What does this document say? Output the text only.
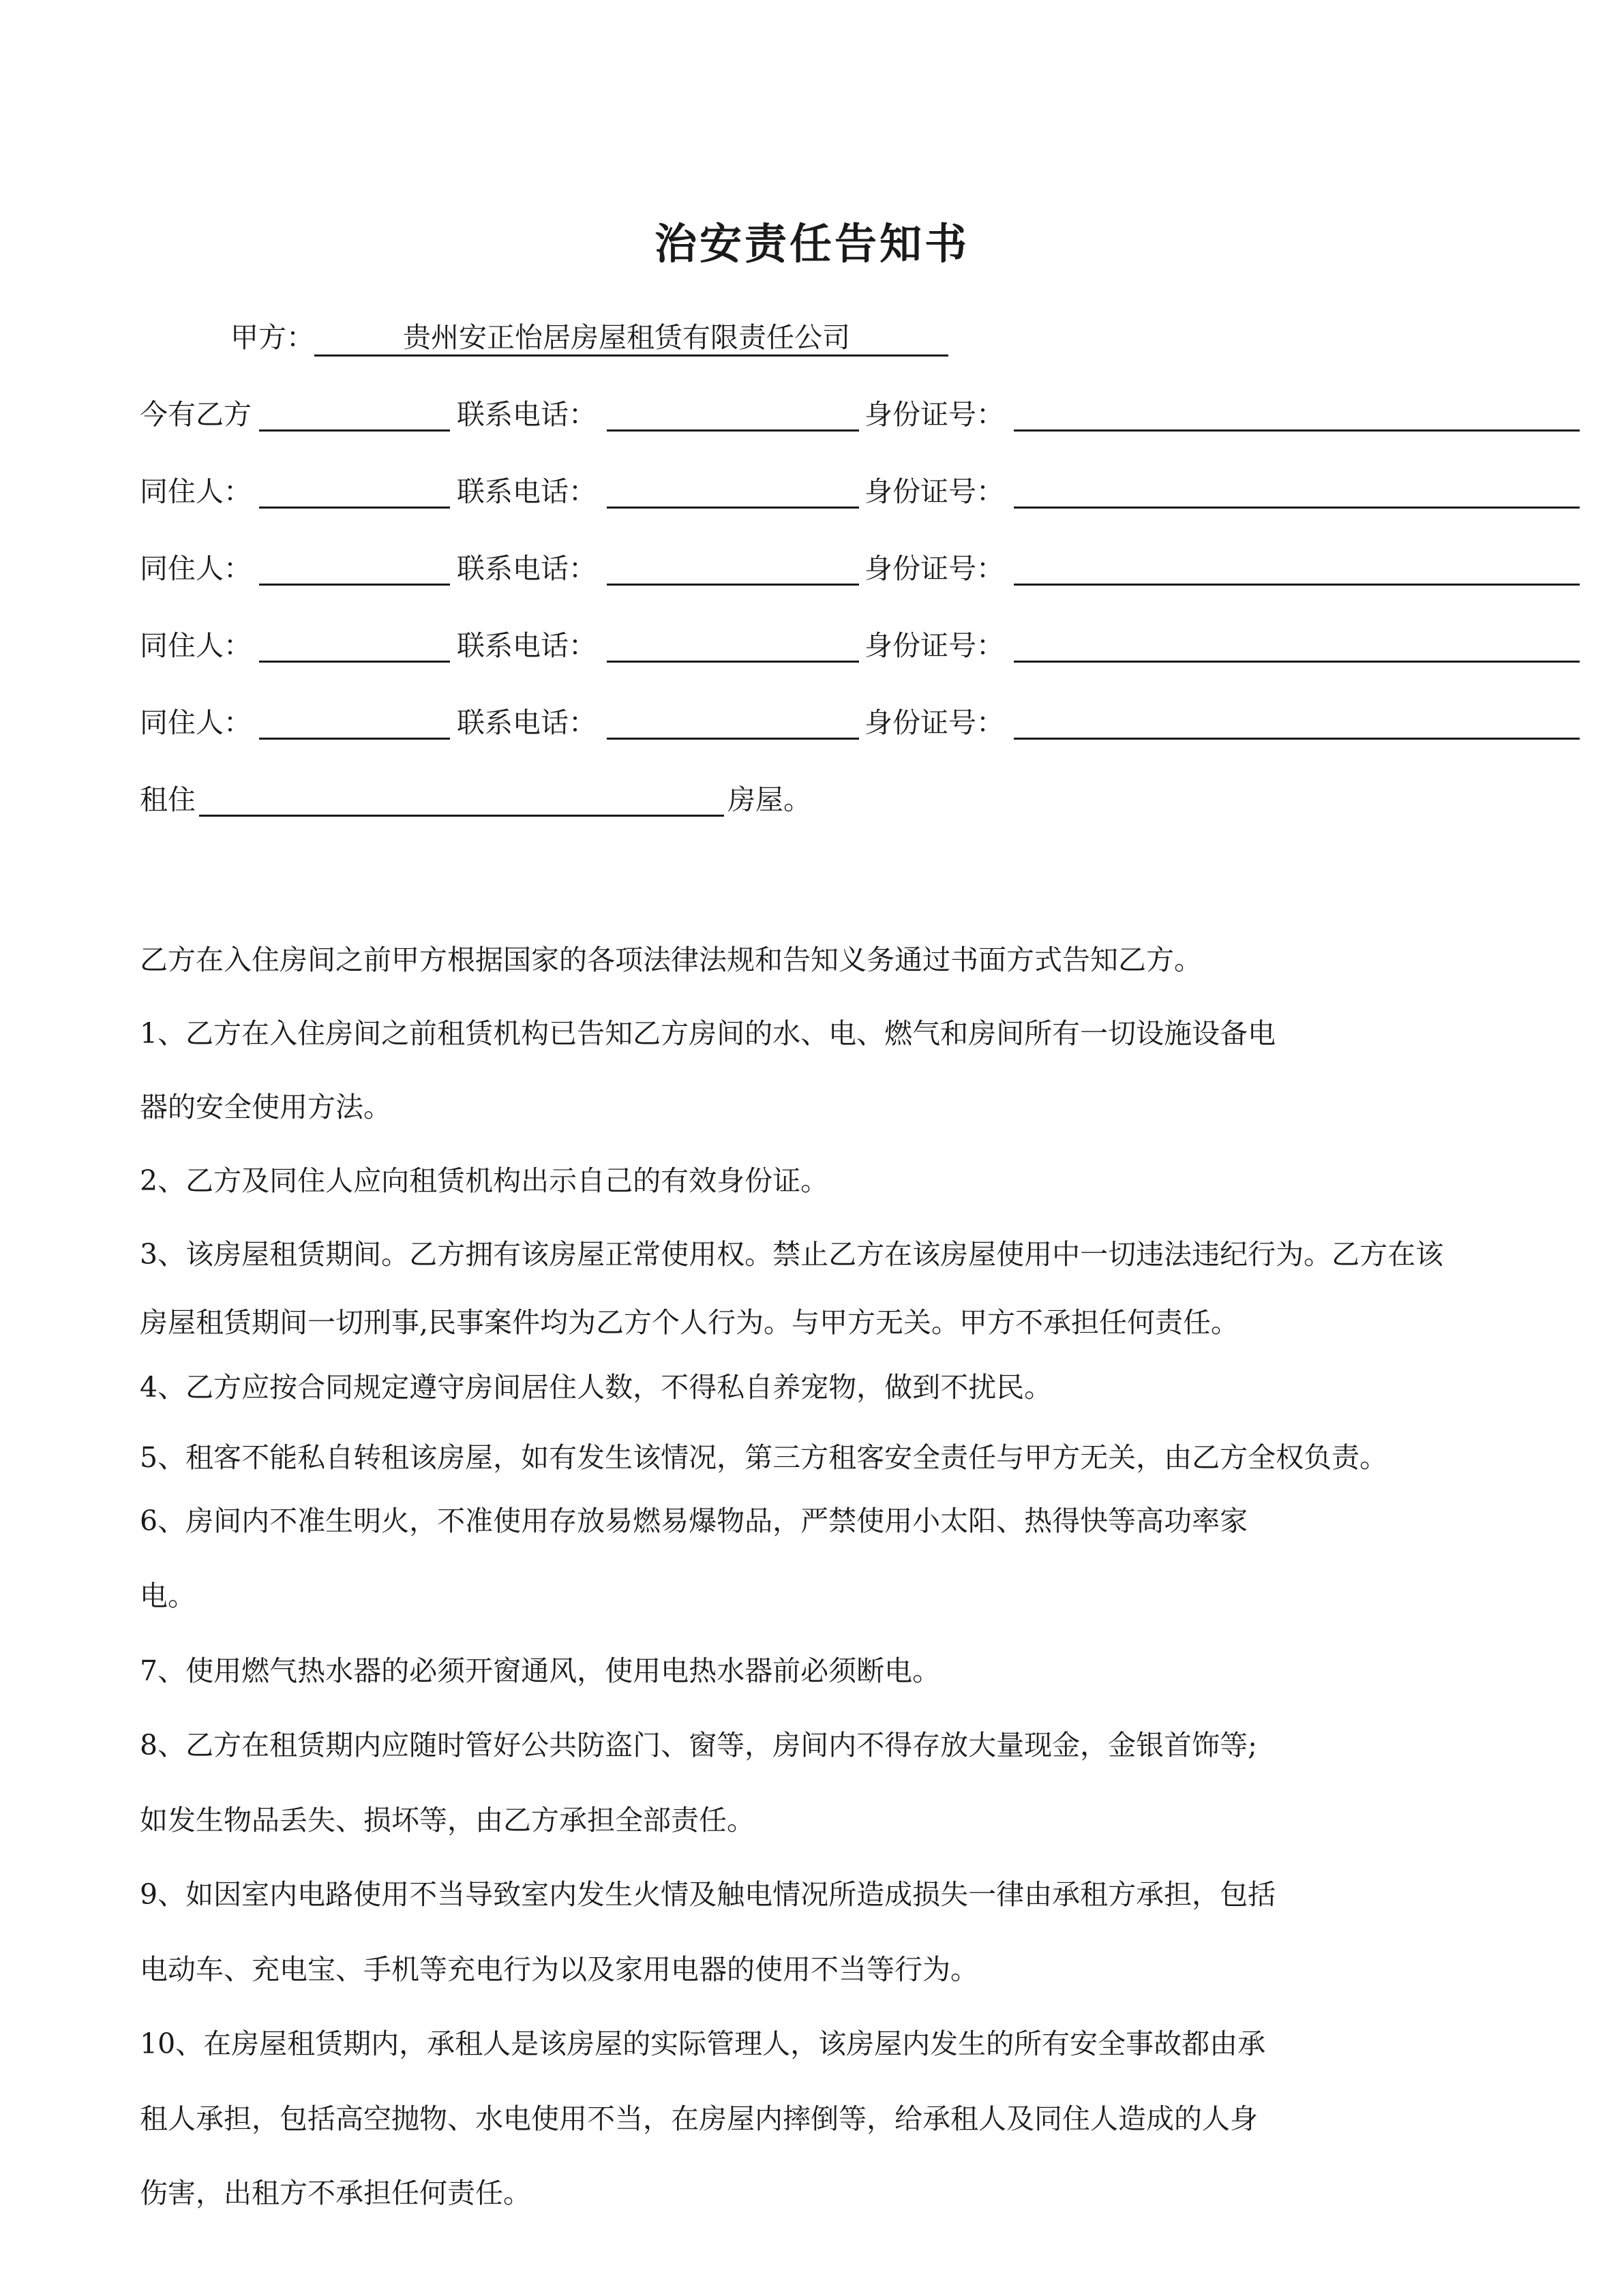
治安责任告知书
甲方：	贵州安正怡居房屋租赁有限责任公司
今有乙方	联系电话：	身份证号：
同住人：	联系电话：	身份证号：
同住人：	联系电话：	身份证号：
同住人：	联系电话：	身份证号：
同住人：	联系电话：	身份证号：
租住	房屋。
乙方在入住房间之前甲方根据国家的各项法律法规和告知义务通过书面方式告知乙方。
1、乙方在入住房间之前租赁机构已告知乙方房间的水、电、燃气和房间所有一切设施设备电
器的安全使用方法。
2、乙方及同住人应向租赁机构出示自己的有效身份证。
3、该房屋租赁期间。乙方拥有该房屋正常使用权。禁止乙方在该房屋使用中一切违法违纪行为。乙方在该
房屋租赁期间一切刑事,民事案件均为乙方个人行为。与甲方无关。甲方不承担任何责任。
4、乙方应按合同规定遵守房间居住人数，不得私自养宠物，做到不扰民。
5、租客不能私自转租该房屋，如有发生该情况，第三方租客安全责任与甲方无关，由乙方全权负责。
6、房间内不准生明火，不准使用存放易燃易爆物品，严禁使用小太阳、热得快等高功率家
电。
7、使用燃气热水器的必须开窗通风，使用电热水器前必须断电。
8、乙方在租赁期内应随时管好公共防盗门、窗等，房间内不得存放大量现金，金银首饰等;
如发生物品丢失、损坏等，由乙方承担全部责任。
9、如因室内电路使用不当导致室内发生火情及触电情况所造成损失一律由承租方承担，包括
电动车、充电宝、手机等充电行为以及家用电器的使用不当等行为。
10、在房屋租赁期内，承租人是该房屋的实际管理人，该房屋内发生的所有安全事故都由承
租人承担，包括高空抛物、水电使用不当，在房屋内摔倒等，给承租人及同住人造成的人身
伤害，出租方不承担任何责任。
